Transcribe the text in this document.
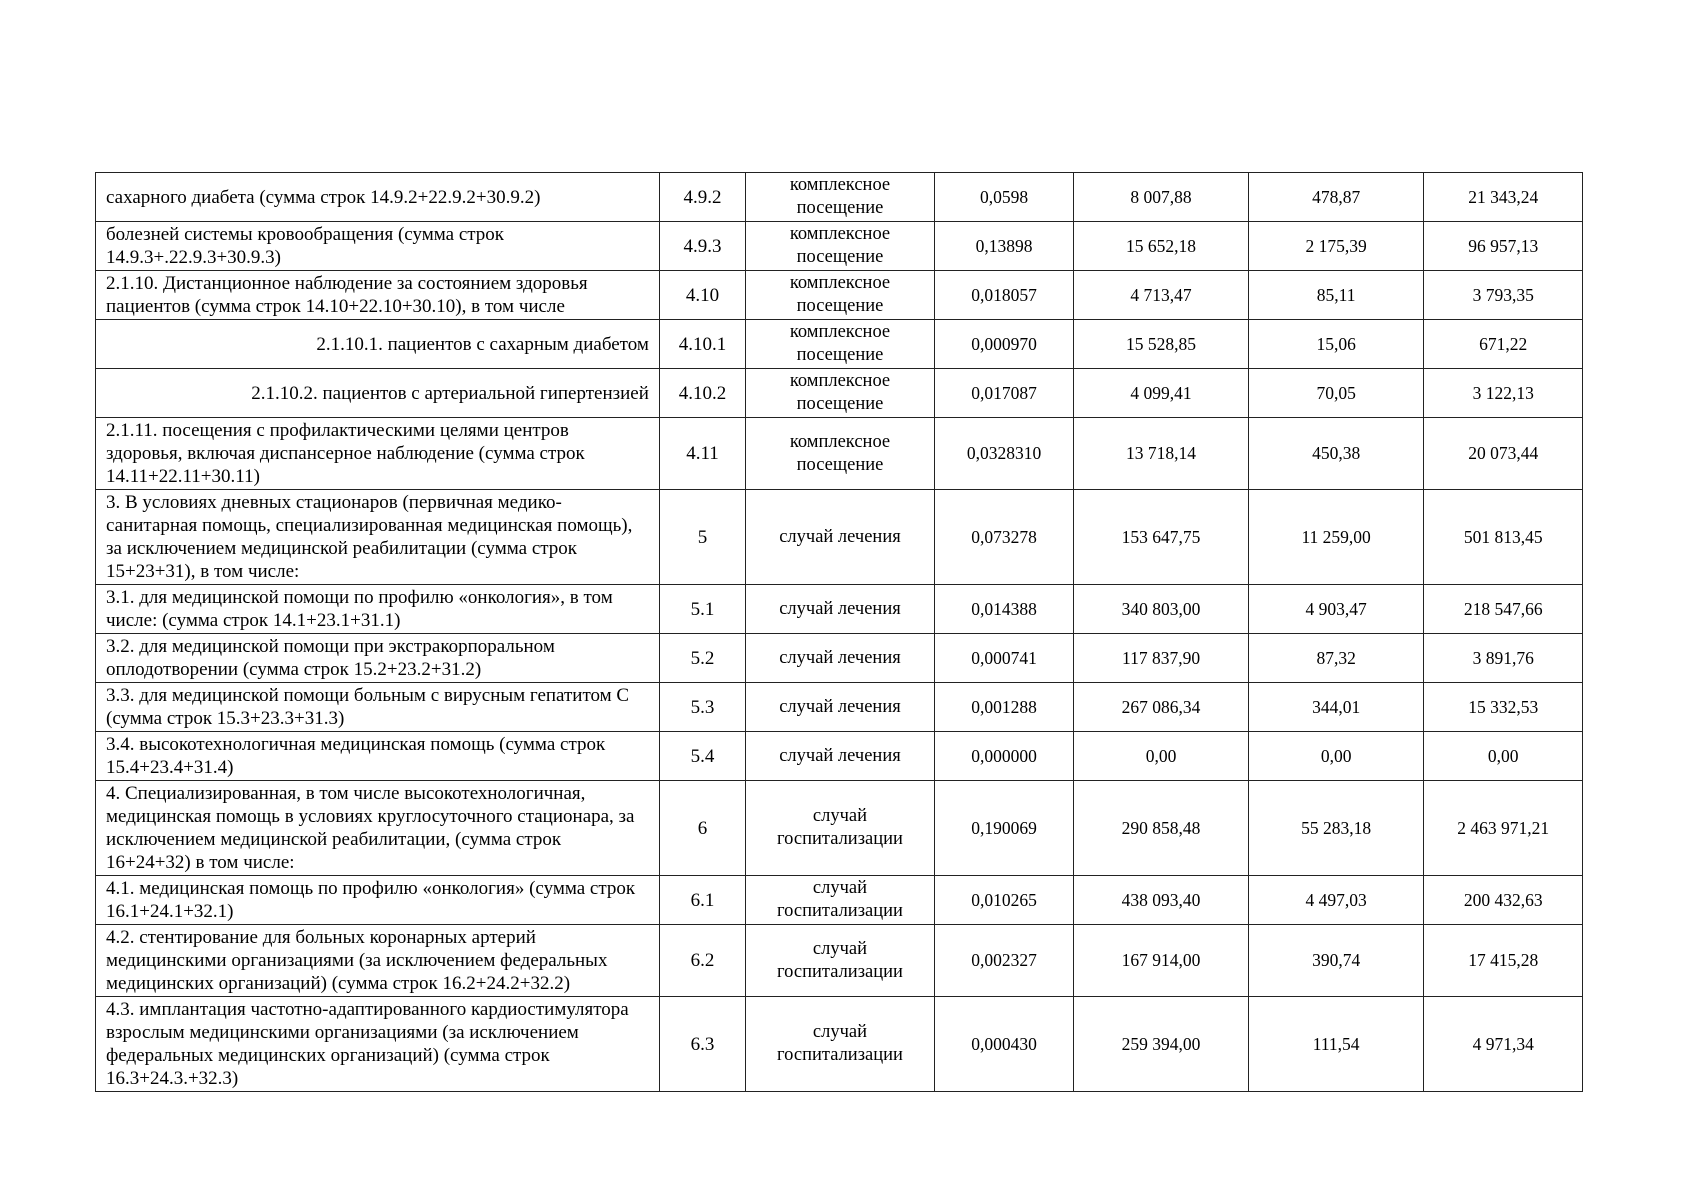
сахарного диабета (сумма строк 14.9.2+22.9.2+30.9.2)	4.9.2	комплексное посещение	0,0598	8 007,88	478,87	21 343,24
болезней системы кровообращения (сумма строк 14.9.3+.22.9.3+30.9.3)	4.9.3	комплексное посещение	0,13898	15 652,18	2 175,39	96 957,13
2.1.10. Дистанционное наблюдение за состоянием здоровья пациентов (сумма строк 14.10+22.10+30.10), в том числе	4.10	комплексное посещение	0,018057	4 713,47	85,11	3 793,35
2.1.10.1. пациентов с сахарным диабетом	4.10.1	комплексное посещение	0,000970	15 528,85	15,06	671,22
2.1.10.2. пациентов с артериальной гипертензией	4.10.2	комплексное посещение	0,017087	4 099,41	70,05	3 122,13
2.1.11. посещения с профилактическими целями центров здоровья, включая диспансерное наблюдение (сумма строк 14.11+22.11+30.11)	4.11	комплексное посещение	0,0328310	13 718,14	450,38	20 073,44
3. В условиях дневных стационаров (первичная медико-санитарная помощь, специализированная медицинская помощь), за исключением медицинской реабилитации (сумма строк 15+23+31), в том числе:	5	случай лечения	0,073278	153 647,75	11 259,00	501 813,45
3.1. для медицинской помощи по профилю «онкология», в том числе: (сумма строк 14.1+23.1+31.1)	5.1	случай лечения	0,014388	340 803,00	4 903,47	218 547,66
3.2. для медицинской помощи при экстракорпоральном оплодотворении (сумма строк 15.2+23.2+31.2)	5.2	случай лечения	0,000741	117 837,90	87,32	3 891,76
3.3. для медицинской помощи больным с вирусным гепатитом С (сумма строк 15.3+23.3+31.3)	5.3	случай лечения	0,001288	267 086,34	344,01	15 332,53
3.4. высокотехнологичная медицинская помощь (сумма строк 15.4+23.4+31.4)	5.4	случай лечения	0,000000	0,00	0,00	0,00
4. Специализированная, в том числе высокотехнологичная, медицинская помощь в условиях круглосуточного стационара, за исключением медицинской реабилитации, (сумма строк 16+24+32) в том числе:	6	случай госпитализации	0,190069	290 858,48	55 283,18	2 463 971,21
4.1. медицинская помощь по профилю «онкология» (сумма строк 16.1+24.1+32.1)	6.1	случай госпитализации	0,010265	438 093,40	4 497,03	200 432,63
4.2. стентирование для больных коронарных артерий медицинскими организациями (за исключением федеральных медицинских организаций) (сумма строк 16.2+24.2+32.2)	6.2	случай госпитализации	0,002327	167 914,00	390,74	17 415,28
4.3. имплантация частотно-адаптированного кардиостимулятора взрослым медицинскими организациями (за исключением федеральных медицинских организаций) (сумма строк 16.3+24.3.+32.3)	6.3	случай госпитализации	0,000430	259 394,00	111,54	4 971,34
